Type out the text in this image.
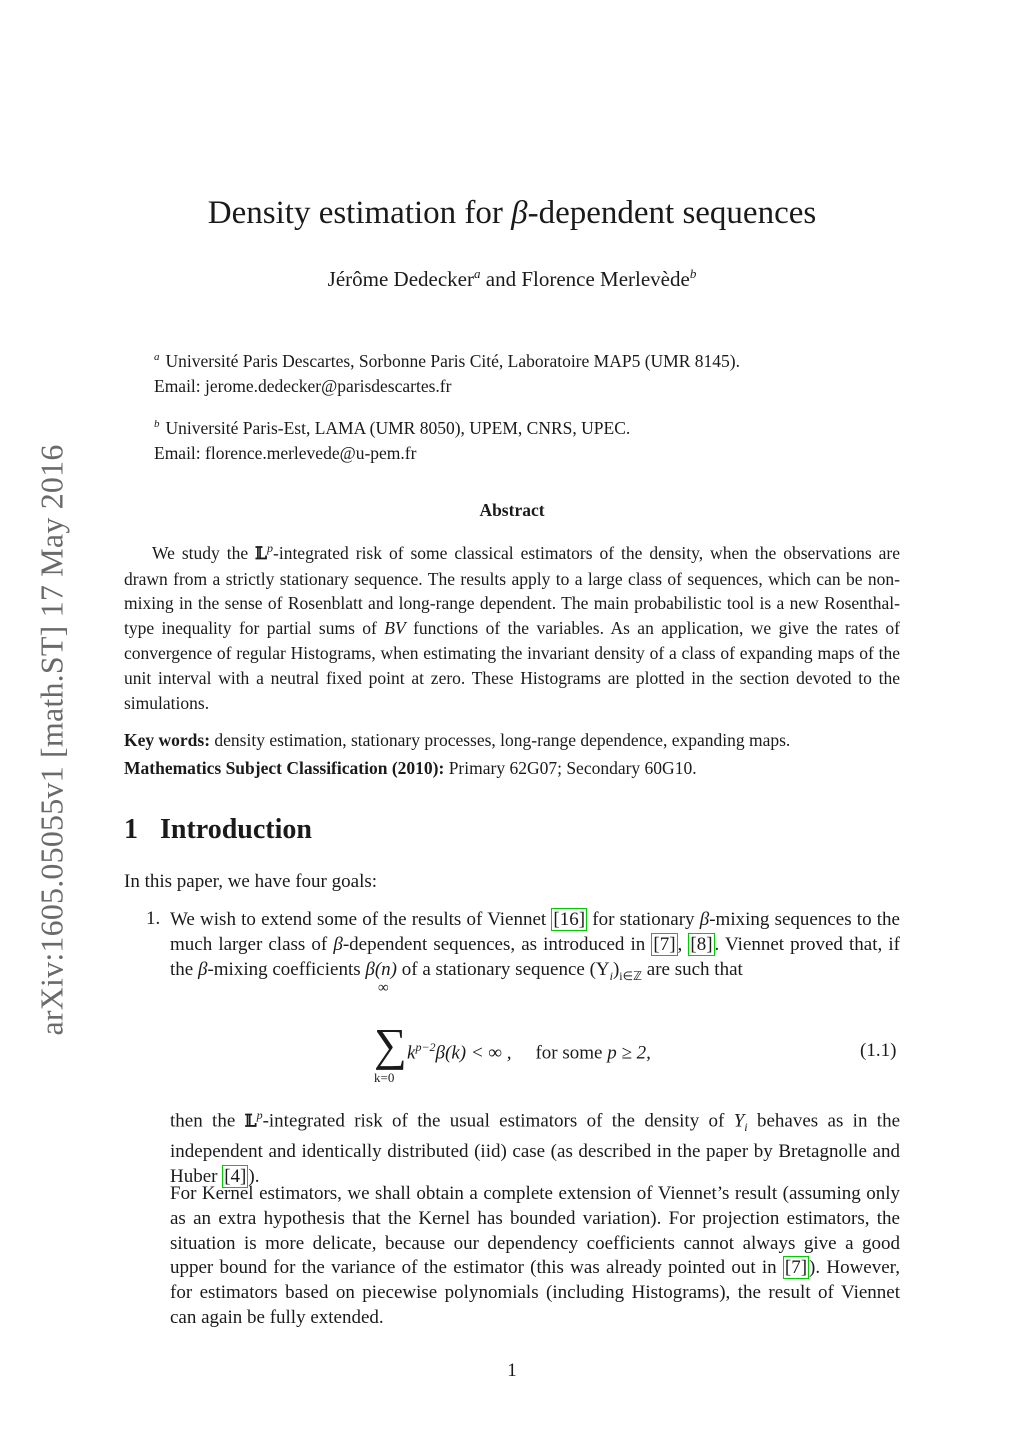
arXiv:1605.05055v1 [math.ST] 17 May 2016
Density estimation for β-dependent sequences
Jérôme Dedecker$^a$ and Florence Merlevède$^b$
$^a$ Université Paris Descartes, Sorbonne Paris Cité, Laboratoire MAP5 (UMR 8145).
Email: jerome.dedecker@parisdescartes.fr
$^b$ Université Paris-Est, LAMA (UMR 8050), UPEM, CNRS, UPEC.
Email: florence.merlevede@u-pem.fr
Abstract
We study the 𝕃$^p$-integrated risk of some classical estimators of the density, when the observations are drawn from a strictly stationary sequence. The results apply to a large class of sequences, which can be non-mixing in the sense of Rosenblatt and long-range dependent. The main probabilistic tool is a new Rosenthal-type inequality for partial sums of BV functions of the variables. As an application, we give the rates of convergence of regular Histograms, when estimating the invariant density of a class of expanding maps of the unit interval with a neutral fixed point at zero. These Histograms are plotted in the section devoted to the simulations.
Key words: density estimation, stationary processes, long-range dependence, expanding maps.
Mathematics Subject Classification (2010): Primary 62G07; Secondary 60G10.
1 Introduction
In this paper, we have four goals:
1. We wish to extend some of the results of Viennet [16] for stationary β-mixing sequences to the much larger class of β-dependent sequences, as introduced in [7] , [8] . Viennet proved that, if the β-mixing coefficients β(n) of a stationary sequence $(Y_i)_{i\in ℤ}$ are such that
∞
∑
k=0
$k^{p-2}\beta(k)$ < ∞ , for some p ≥ 2,	(1.1)
then the 𝕃$^p$-integrated risk of the usual estimators of the density of $Y_i$ behaves as in the independent and identically distributed (iid) case (as described in the paper by Bretagnolle and Huber [4] ).
For Kernel estimators, we shall obtain a complete extension of Viennet’s result (assuming only as an extra hypothesis that the Kernel has bounded variation). For projection estimators, the situation is more delicate, because our dependency coefficients cannot always give a good upper bound for the variance of the estimator (this was already pointed out in [7] ). However, for estimators based on piecewise polynomials (including Histograms), the result of Viennet can again be fully extended.
1
